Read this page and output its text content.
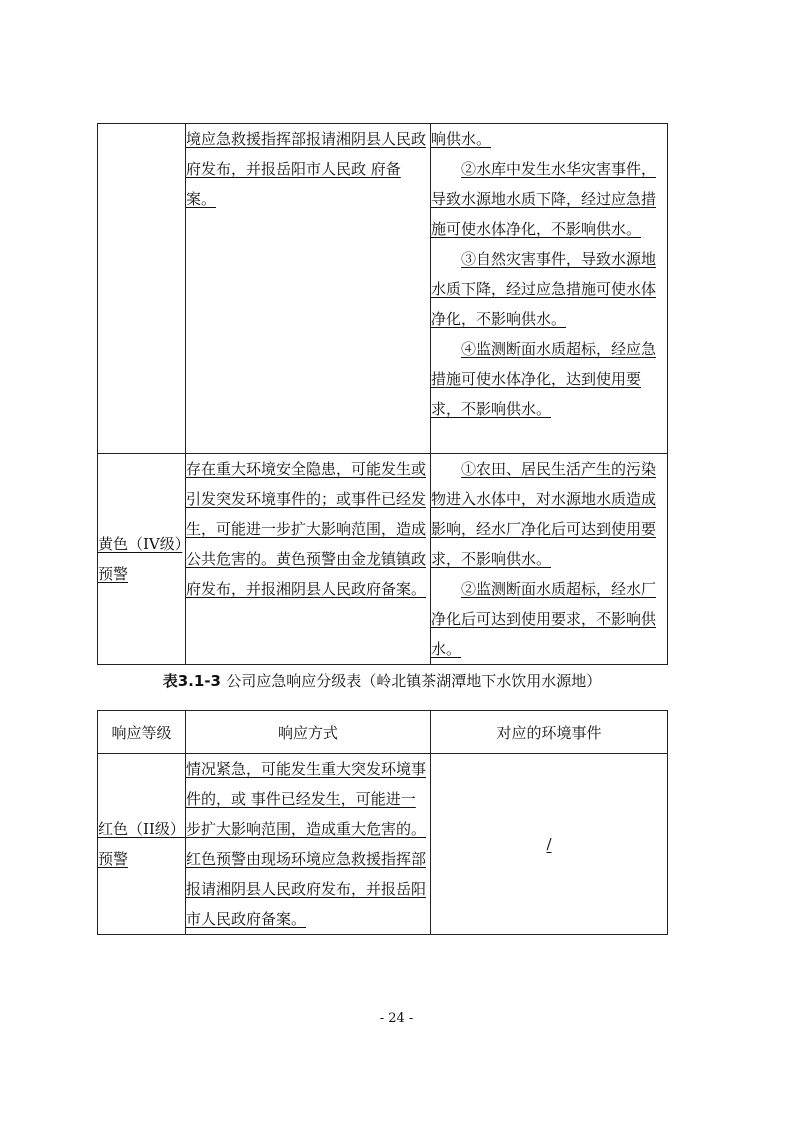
	境应急救援指挥部报请湘阴县人民政府发布，并报岳阳市人民政 府备案。	响供水。
②水库中发生水华灾害事件，导致水源地水质下降，经过应急措施可使水体净化，不影响供水。
③自然灾害事件，导致水源地水质下降，经过应急措施可使水体净化，不影响供水。
④监测断面水质超标，经应急措施可使水体净化，达到使用要求，不影响供水。

黄色（IV级）预警	存在重大环境安全隐患，可能发生或引发突发环境事件的；或事件已经发生，可能进一步扩大影响范围，造成公共危害的。黄色预警由金龙镇镇政府发布，并报湘阴县人民政府备案。	①农田、居民生活产生的污染物进入水体中，对水源地水质造成影响，经水厂净化后可达到使用要求，不影响供水。
②监测断面水质超标，经水厂净化后可达到使用要求，不影响供水。
表3.1-3 公司应急响应分级表（岭北镇茶湖潭地下水饮用水源地）
响应等级	响应方式	对应的环境事件

红色（II级）预警	情况紧急，可能发生重大突发环境事件的，或 事件已经发生，可能进一步扩大影响范围，造成重大危害的。红色预警由现场环境应急救援指挥部报请湘阴县人民政府发布，并报岳阳市人民政府备案。	/
- 24 -
